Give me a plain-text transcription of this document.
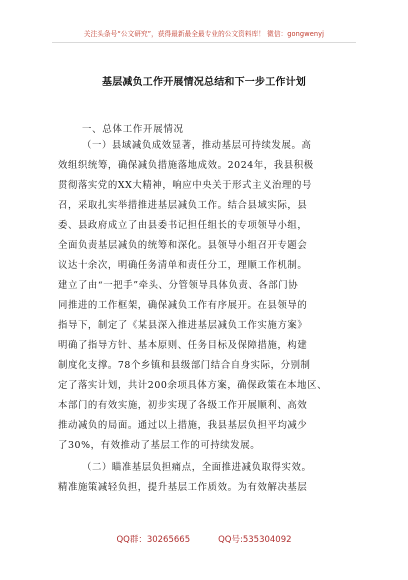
关注头条号“公文研究”，获得最新最全最专业的公文资料库！ 微信：gongwenyj
基层减负工作开展情况总结和下一步工作计划
一、总体工作开展情况
（一）县域减负成效显著，推动基层可持续发展。高
效组织统筹，确保减负措施落地成效。2024年，我县积极
贯彻落实党的XX大精神，响应中央关于形式主义治理的号
召，采取扎实举措推进基层减负工作。结合县域实际，县
委、县政府成立了由县委书记担任组长的专项领导小组，
全面负责基层减负的统筹和深化。县领导小组召开专题会
议达十余次，明确任务清单和责任分工，理顺工作机制。
建立了由“一把手”牵头、分管领导具体负责、各部门协
同推进的工作框架，确保减负工作有序展开。在县领导的
指导下，制定了《某县深入推进基层减负工作实施方案》
明确了指导方针、基本原则、任务目标及保障措施，构建
制度化支撑。78个乡镇和县级部门结合自身实际，分别制
定了落实计划，共计200余项具体方案，确保政策在本地区、
本部门的有效实施，初步实现了各级工作开展顺利、高效
推动减负的局面。通过以上措施，我县基层负担平均减少
了30%，有效推动了基层工作的可持续发展。
（二）瞄准基层负担痛点，全面推进减负取得实效。
精准施策减轻负担，提升基层工作质效。为有效解决基层
QQ群：30265665	QQ号:535304092
